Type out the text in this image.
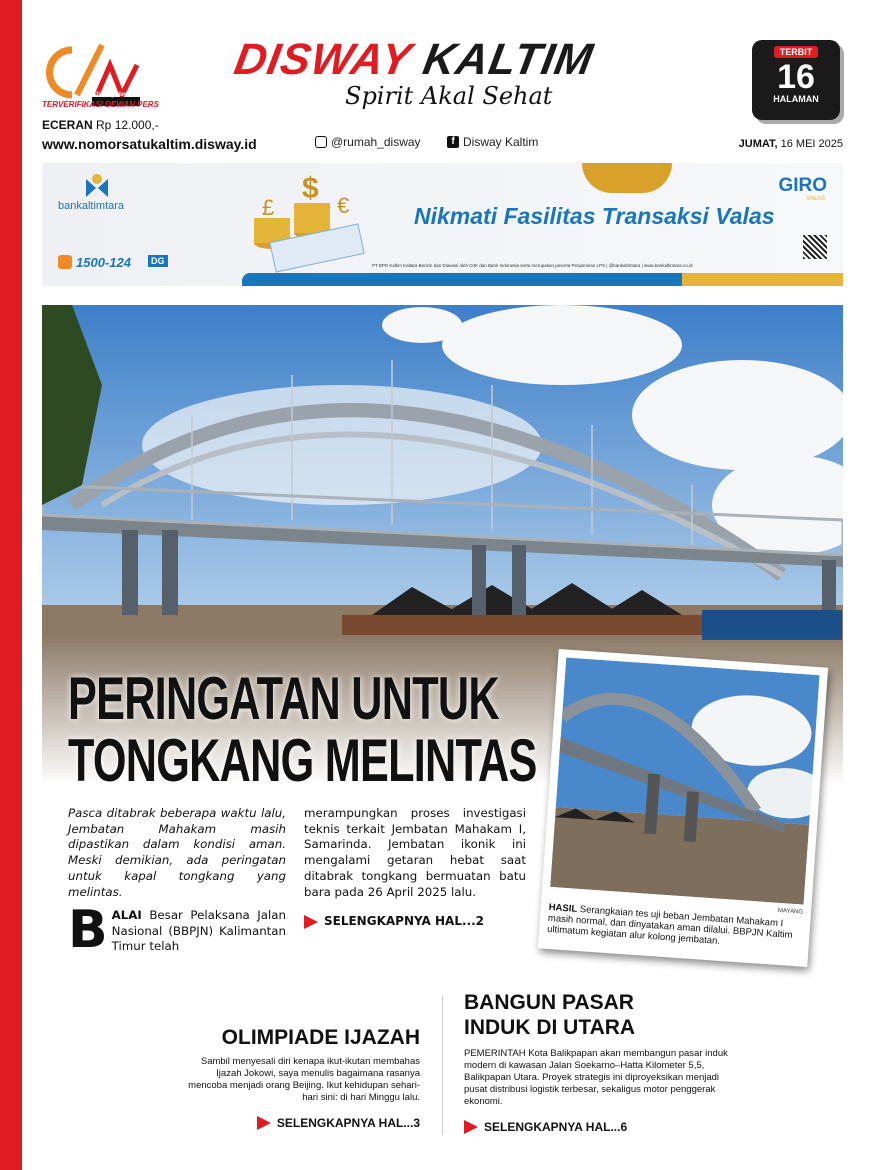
Disway News Network
TERVERIFIKASI DEWAN PERS
ECERAN Rp 12.000,-
www.nomorsatukaltim.disway.id
DISWAY KALTIM
Spirit Akal Sehat
@rumah_disway	f Disway Kaltim
TERBIT
16
HALAMAN
JUMAT, 16 MEI 2025
bankaltimtara
$
£	€	Nikmati Fasilitas Transaksi Valas
GIRO
VALAS
1500-124	DG	PT BPD Kaltim Kaltara Berizin dan Diawasi oleh OJK dan Bank Indonesia serta merupakan peserta Penjaminan LPS | @bankaltimtara | www.bankaltimtara.co.id
PERINGATAN UNTUK
TONGKANG MELINTAS
Pasca ditabrak beberapa waktu lalu, Jembatan Mahakam masih dipastikan dalam kondisi aman. Meski demikian, ada peringatan untuk kapal tongkang yang melintas.
BALAI Besar Pelaksana Jalan Nasional (BBPJN) Kalimantan Timur telah
merampungkan proses investigasi teknis terkait Jembatan Mahakam I, Samarinda. Jembatan ikonik ini mengalami getaran hebat saat ditabrak tongkang bermuatan batu bara pada 26 April 2025 lalu.
SELENGKAPNYA HAL...2
MAYANG
HASIL Serangkaian tes uji beban Jembatan Mahakam I masih normal, dan dinyatakan aman dilalui. BBPJN Kaltim ultimatum kegiatan alur kolong jembatan.
OLIMPIADE IJAZAH
Sambil menyesali diri kenapa ikut-ikutan membahas Ijazah Jokowi, saya menulis bagaimana rasanya mencoba menjadi orang Beijing. Ikut kehidupan sehari-hari sini: di hari Minggu lalu.
SELENGKAPNYA HAL...3
BANGUN PASAR
INDUK DI UTARA
PEMERINTAH Kota Balikpapan akan membangun pasar induk modern di kawasan Jalan Soekarno–Hatta Kilometer 5,5, Balikpapan Utara. Proyek strategis ini diproyeksikan menjadi pusat distribusi logistik terbesar, sekaligus motor penggerak ekonomi.
SELENGKAPNYA HAL...6
